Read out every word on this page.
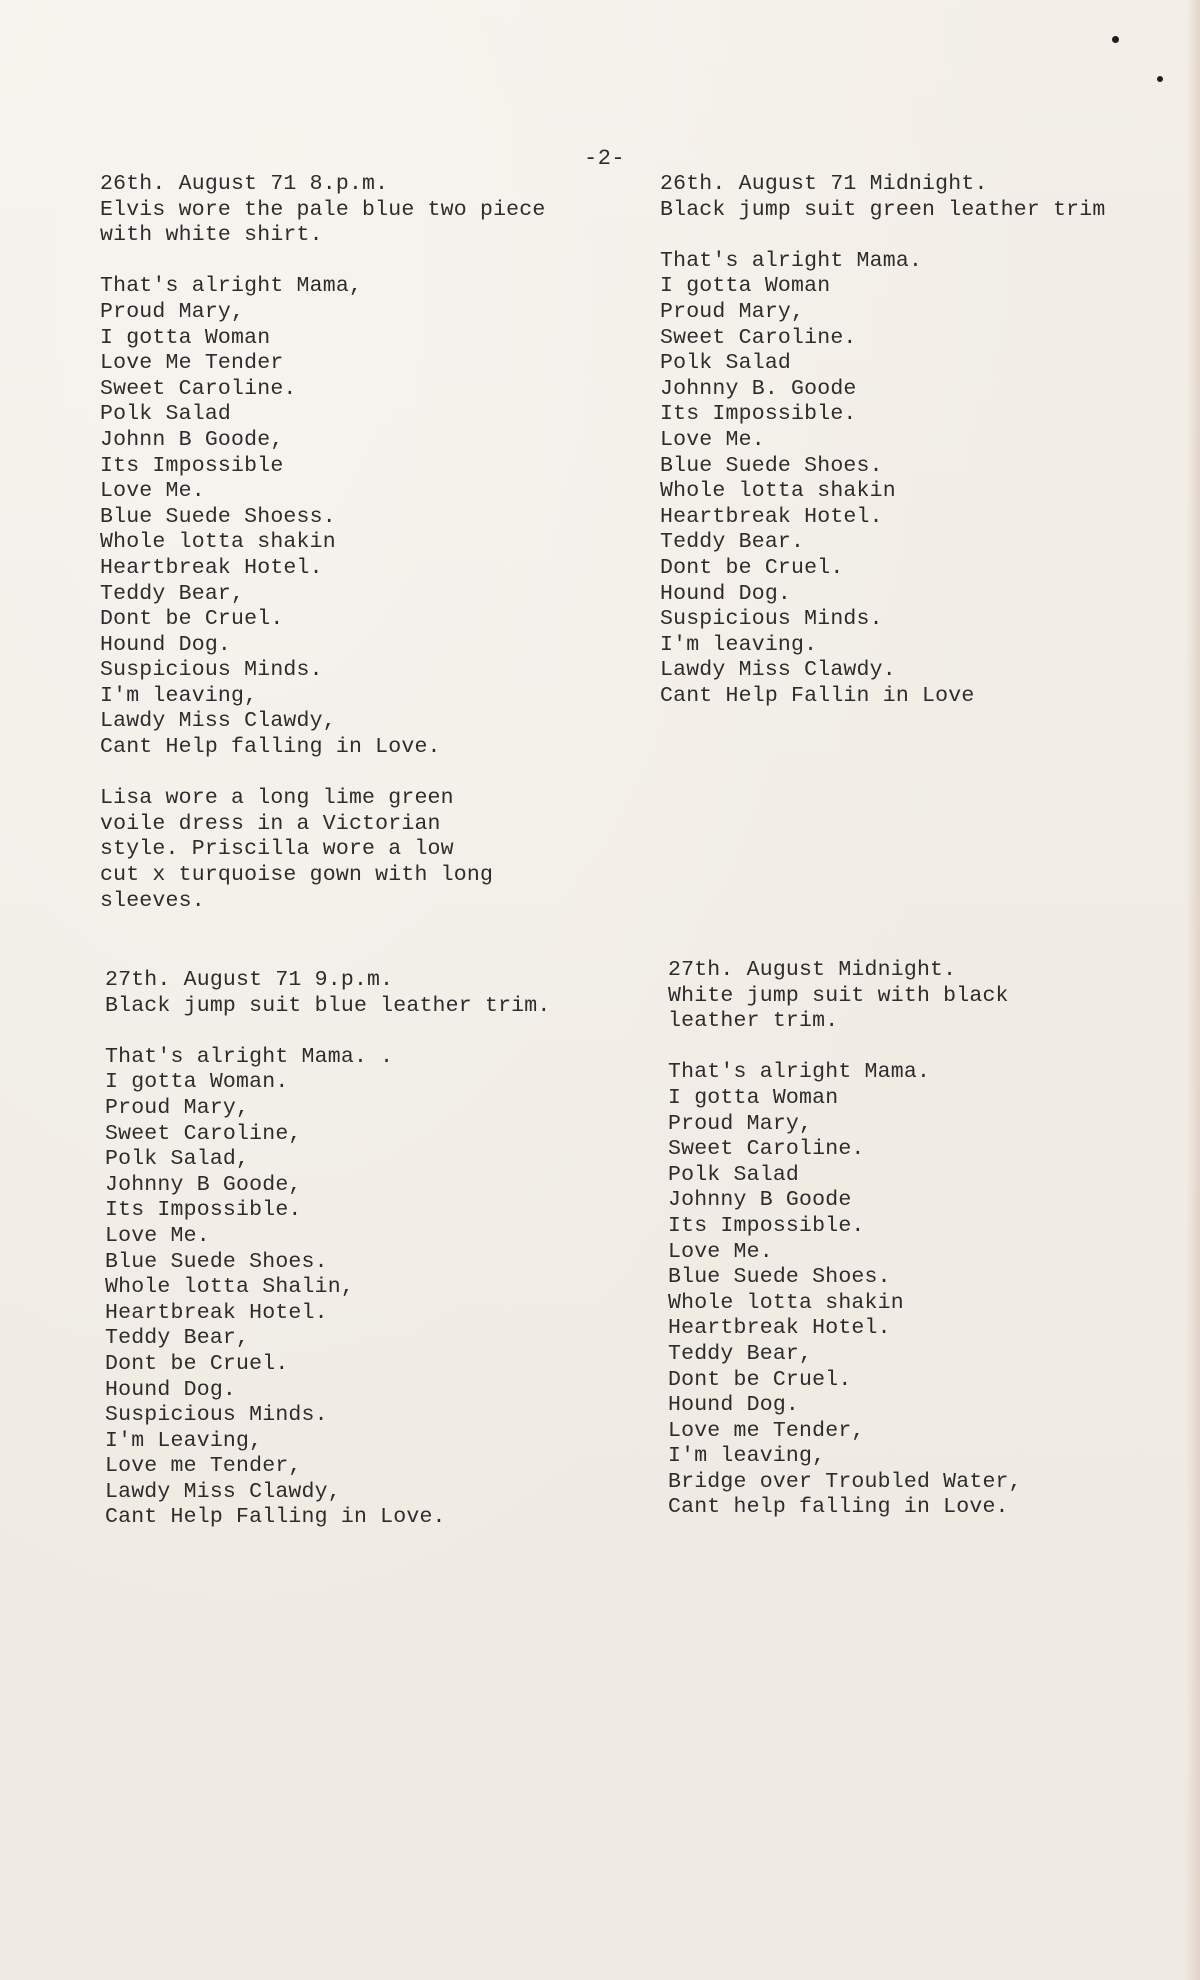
-2-
26th. August 71 8.p.m.
Elvis wore the pale blue two piece
with white shirt.
That's alright Mama,
Proud Mary,
I gotta Woman
Love Me Tender
Sweet Caroline.
Polk Salad
Johnn B Goode,
Its Impossible
Love Me.
Blue Suede Shoess.
Whole lotta shakin
Heartbreak Hotel.
Teddy Bear,
Dont be Cruel.
Hound Dog.
Suspicious Minds.
I'm leaving,
Lawdy Miss Clawdy,
Cant Help falling in Love.
Lisa wore a long lime green
voile dress in a Victorian
style. Priscilla wore a low
cut x turquoise gown with long
sleeves.
26th. August 71 Midnight.
Black jump suit green leather trim
That's alright Mama.
I gotta Woman
Proud Mary,
Sweet Caroline.
Polk Salad
Johnny B. Goode
Its Impossible.
Love Me.
Blue Suede Shoes.
Whole lotta shakin
Heartbreak Hotel.
Teddy Bear.
Dont be Cruel.
Hound Dog.
Suspicious Minds.
I'm leaving.
Lawdy Miss Clawdy.
Cant Help Fallin in Love
27th. August 71 9.p.m.
Black jump suit blue leather trim.
That's alright Mama. .
I gotta Woman.
Proud Mary,
Sweet Caroline,
Polk Salad,
Johnny B Goode,
Its Impossible.
Love Me.
Blue Suede Shoes.
Whole lotta Shalin,
Heartbreak Hotel.
Teddy Bear,
Dont be Cruel.
Hound Dog.
Suspicious Minds.
I'm Leaving,
Love me Tender,
Lawdy Miss Clawdy,
Cant Help Falling in Love.
27th. August Midnight.
White jump suit with black
leather trim.
That's alright Mama.
I gotta Woman
Proud Mary,
Sweet Caroline.
Polk Salad
Johnny B Goode
Its Impossible.
Love Me.
Blue Suede Shoes.
Whole lotta shakin
Heartbreak Hotel.
Teddy Bear,
Dont be Cruel.
Hound Dog.
Love me Tender,
I'm leaving,
Bridge over Troubled Water,
Cant help falling in Love.
